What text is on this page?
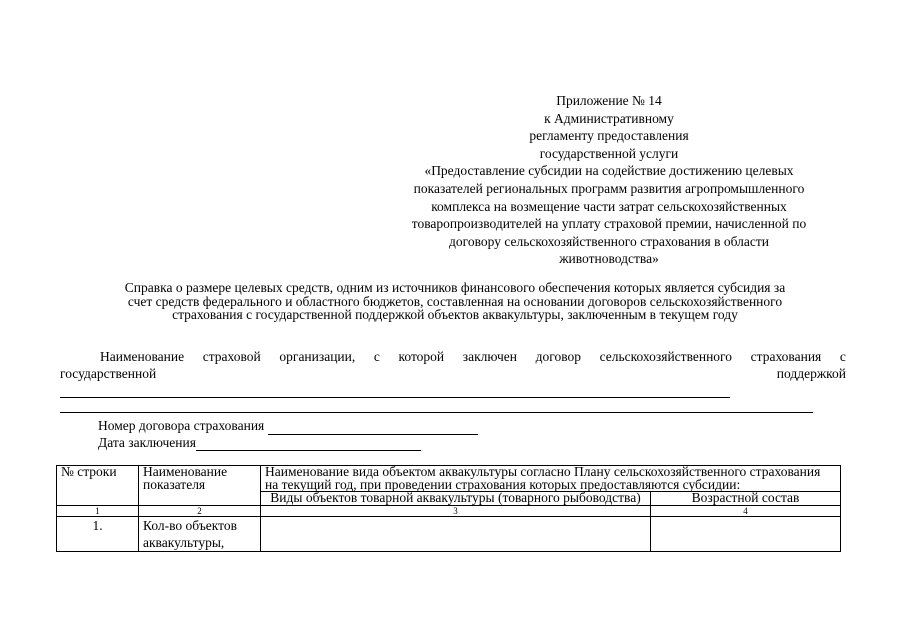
Приложение № 14
к Административному
регламенту предоставления
государственной услуги
«Предоставление субсидии на содействие достижению целевых
показателей региональных программ развития агропромышленного
комплекса на возмещение части затрат сельскохозяйственных
товаропроизводителей на уплату страховой премии, начисленной по
договору сельскохозяйственного страхования в области
животноводства»
Справка о размере целевых средств, одним из источников финансового обеспечения которых является субсидия за
счет средств федерального и областного бюджетов, составленная на основании договоров сельскохозяйственного
страхования с государственной поддержкой объектов аквакультуры, заключенным в текущем году
Наименование страховой организации, с которой заключен договор сельскохозяйственного страхования с
государственной	поддержкой
Номер договора страхования
Дата заключения
№ строки	Наименование показателя	Наименование вида объектом аквакультуры согласно Плану сельскохозяйственного страхования на текущий год, при проведении страхования которых предоставляются субсидии:	
		Виды объектов товарной аквакультуры (товарного рыбоводства)	Возрастной состав
1	2	3	4
1.	Кол-во объектов аквакультуры,		
